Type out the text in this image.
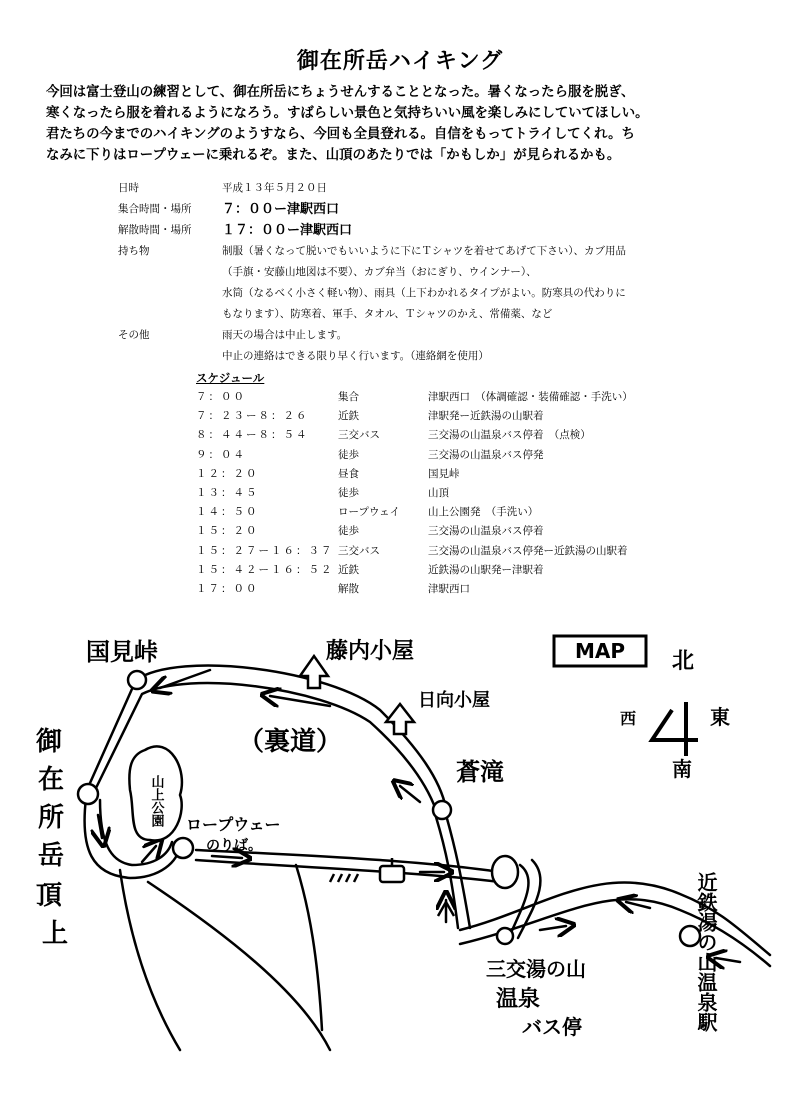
御在所岳ハイキング
今回は富士登山の練習として、御在所岳にちょうせんすることとなった。暑くなったら服を脱ぎ、
寒くなったら服を着れるようになろう。すばらしい景色と気持ちいい風を楽しみにしていてほしい。
君たちの今までのハイキングのようすなら、今回も全員登れる。自信をもってトライしてくれ。ち
なみに下りはロープウェーに乗れるぞ。また、山頂のあたりでは「かもしか」が見られるかも。
日時	平成１３年５月２０日
集合時間・場所	７：００ー津駅西口
解散時間・場所	１７：００ー津駅西口
持ち物	制服（暑くなって脱いでもいいように下にＴシャツを着せてあげて下さい）、カブ用品
（手旗・安藤山地図は不要）、カブ弁当（おにぎり、ウインナー）、
水筒（なるべく小さく軽い物）、雨具（上下わかれるタイプがよい。防寒具の代わりに
もなります）、防寒着、軍手、タオル、Ｔシャツのかえ、常備薬、など
その他	雨天の場合は中止します。
中止の連絡はできる限り早く行います。（連絡網を使用）
スケジュール
７：００	集合	津駅西口　（体調確認・装備確認・手洗い）
７：２３ー８：２６	近鉄	津駅発ー近鉄湯の山駅着
８：４４ー８：５４	三交バス	三交湯の山温泉バス停着　（点検）
９：０４	徒歩	三交湯の山温泉バス停発
１２：２０	昼食	国見峠
１３：４５	徒歩	山頂
１４：５０	ロープウェイ	山上公園発　（手洗い）
１５：２０	徒歩	三交湯の山温泉バス停着
１５：２７ー１６：３７ 三交バス	三交湯の山温泉バス停発ー近鉄湯の山駅着
１５：４２ー１６：５２ 近鉄	近鉄湯の山駅発ー津駅着
１７：００	解散	津駅西口
MAP 北
南
東
西
国見峠	藤内小屋
日向小屋
（裏道）
蒼滝
御
在
所
岳
頂
上
山上公園 ロープウェー
のりば。
近鉄湯の山温泉駅
三交湯の山
温泉
バス停
